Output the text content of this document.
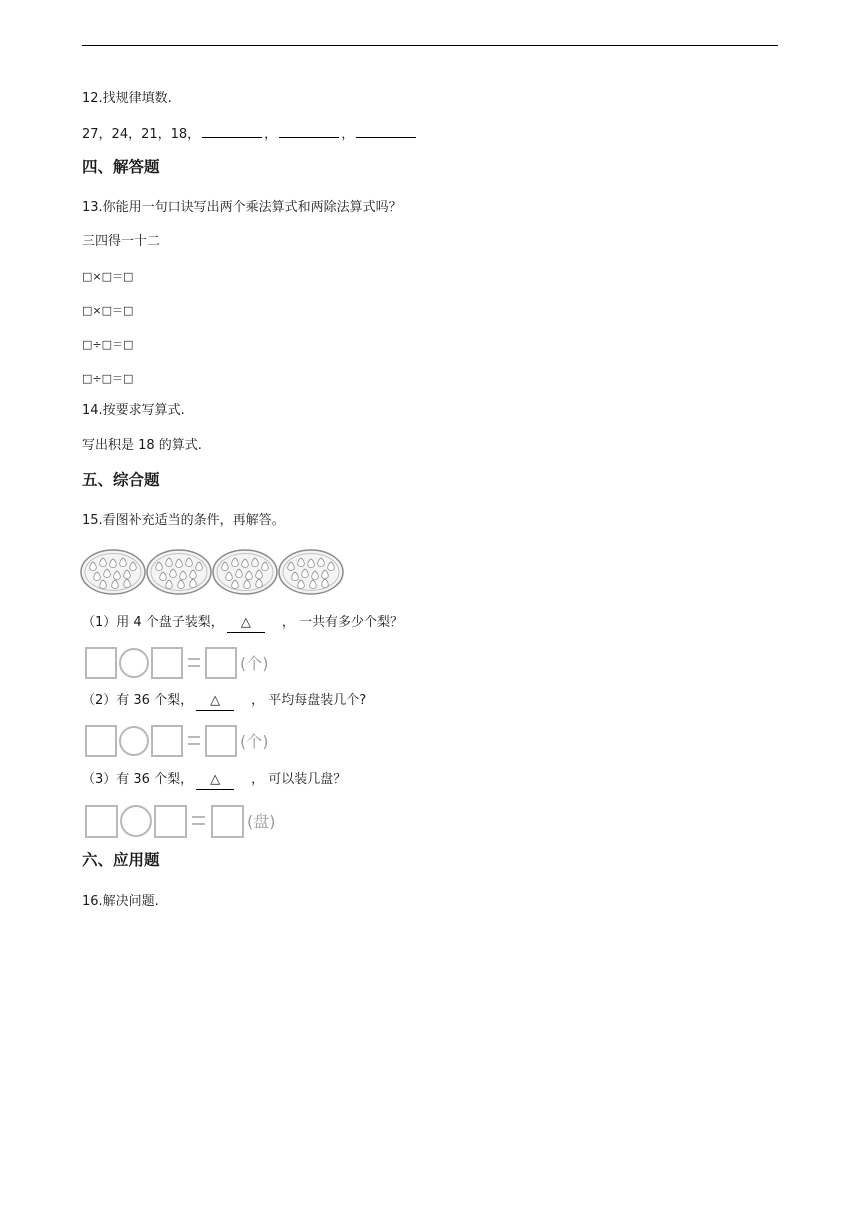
12.找规律填数.
27，24，21，18，	，	，
四、解答题
13.你能用一句口诀写出两个乘法算式和两除法算式吗？
三四得一十二
□×□＝□
□×□＝□
□÷□＝□
□÷□＝□
14.按要求写算式.
写出积是 18 的算式.
五、综合题
15.看图补充适当的条件，再解答。
（1）用 4 个盘子装梨， △ ， 一共有多少个梨？
(个)
（2）有 36 个梨， △ ， 平均每盘装几个?
(个)
（3）有 36 个梨， △ ， 可以装几盘？
(盘)
六、应用题
16.解决问题.
